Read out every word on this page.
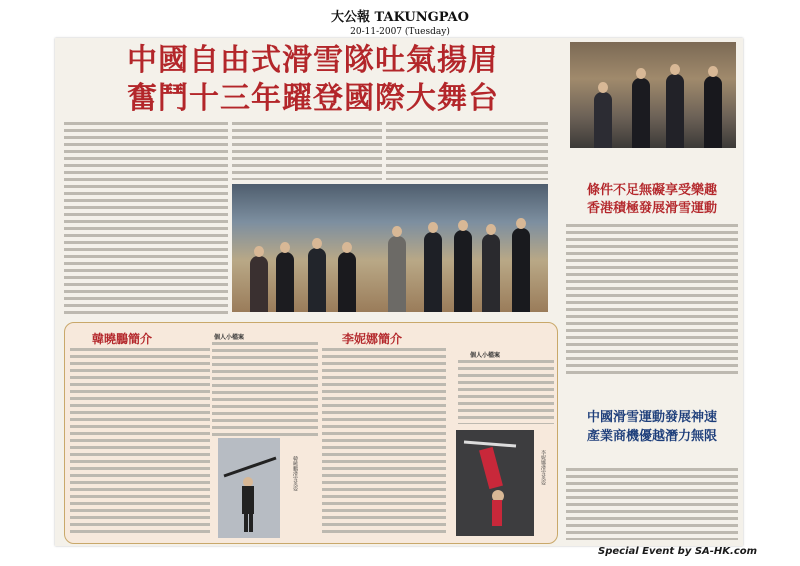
大公報 TAKUNGPAO
20-11-2007 (Tuesday)
中國自由式滑雪隊吐氣揚眉
奮鬥十三年躍登國際大舞台
條件不足無礙享受樂趣
香港積極發展滑雪運動
中國滑雪運動發展神速
產業商機優越潛力無限
韓曉鵬簡介	李妮娜簡介
個人小檔案
個人小檔案
韓曉鵬滑雪英姿	李妮娜滑雪英姿
Special Event by SA-HK.com
